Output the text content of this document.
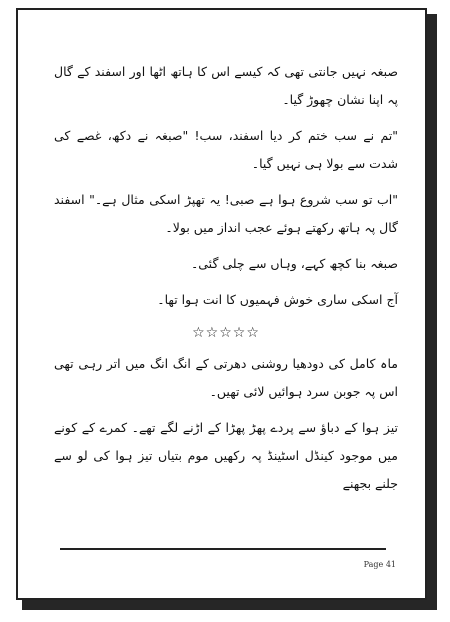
صبغہ نہیں جانتی تھی کہ کیسے اس کا ہاتھ اٹھا اور اسفند کے گال پہ اپنا نشان چھوڑ گیا۔

"تم نے سب ختم کر دیا اسفند، سب! "صبغہ نے دکھ، غصے کی شدت سے بولا ہی نہیں گیا۔

"اب تو سب شروع ہوا ہے صبی! یہ تھپڑ اسکی مثال ہے۔" اسفند گال پہ ہاتھ رکھتے ہوئے عجب انداز میں بولا۔

صبغہ بنا کچھ کہے، وہاں سے چلی گئی۔

آج اسکی ساری خوش فہمیوں کا انت ہوا تھا۔

☆☆☆☆☆

ماہ کامل کی دودھیا روشنی دھرتی کے انگ انگ میں اتر رہی تھی اس پہ جوبن سرد ہوائیں لائی تھیں۔

تیز ہوا کے دباؤ سے پردے پھڑ پھڑا کے اڑنے لگے تھے۔ کمرے کے کونے میں موجود کینڈل اسٹینڈ پہ رکھیں موم بتیاں تیز ہوا کی لو سے جلنے بجھنے

Page 41
